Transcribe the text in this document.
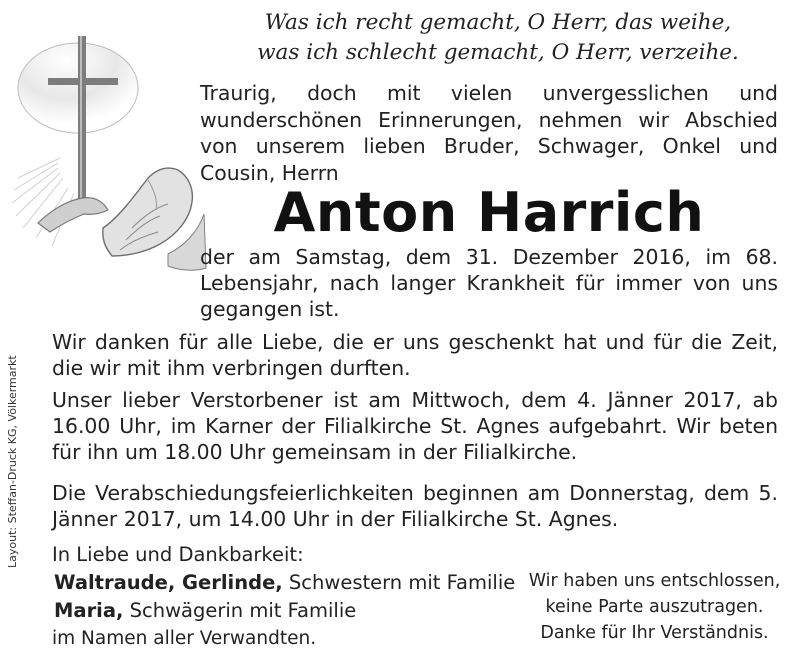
Was ich recht gemacht, O Herr, das weihe,
was ich schlecht gemacht, O Herr, verzeihe.
Traurig, doch mit vielen unvergesslichen und wunderschönen Erinnerungen, nehmen wir Abschied von unserem lieben Bruder, Schwager, Onkel und Cousin, Herrn
Anton Harrich
der am Samstag, dem 31. Dezember 2016, im 68. Lebensjahr, nach langer Krankheit für immer von uns gegangen ist.
Wir danken für alle Liebe, die er uns geschenkt hat und für die Zeit, die wir mit ihm verbringen durften.
Unser lieber Verstorbener ist am Mittwoch, dem 4. Jänner 2017, ab 16.00 Uhr, im Karner der Filialkirche St. Agnes aufgebahrt. Wir beten für ihn um 18.00 Uhr gemeinsam in der Filialkirche.
Die Verabschiedungsfeierlichkeiten beginnen am Donnerstag, dem 5. Jänner 2017, um 14.00 Uhr in der Filialkirche St. Agnes.
Layout: Steffan-Druck KG, Völkermarkt In Liebe und Dankbarkeit:
Waltraude, Gerlinde, Schwestern mit Familie
Maria, Schwägerin mit Familie
im Namen aller Verwandten.
Wir haben uns entschlossen,
keine Parte auszutragen.
Danke für Ihr Verständnis.
